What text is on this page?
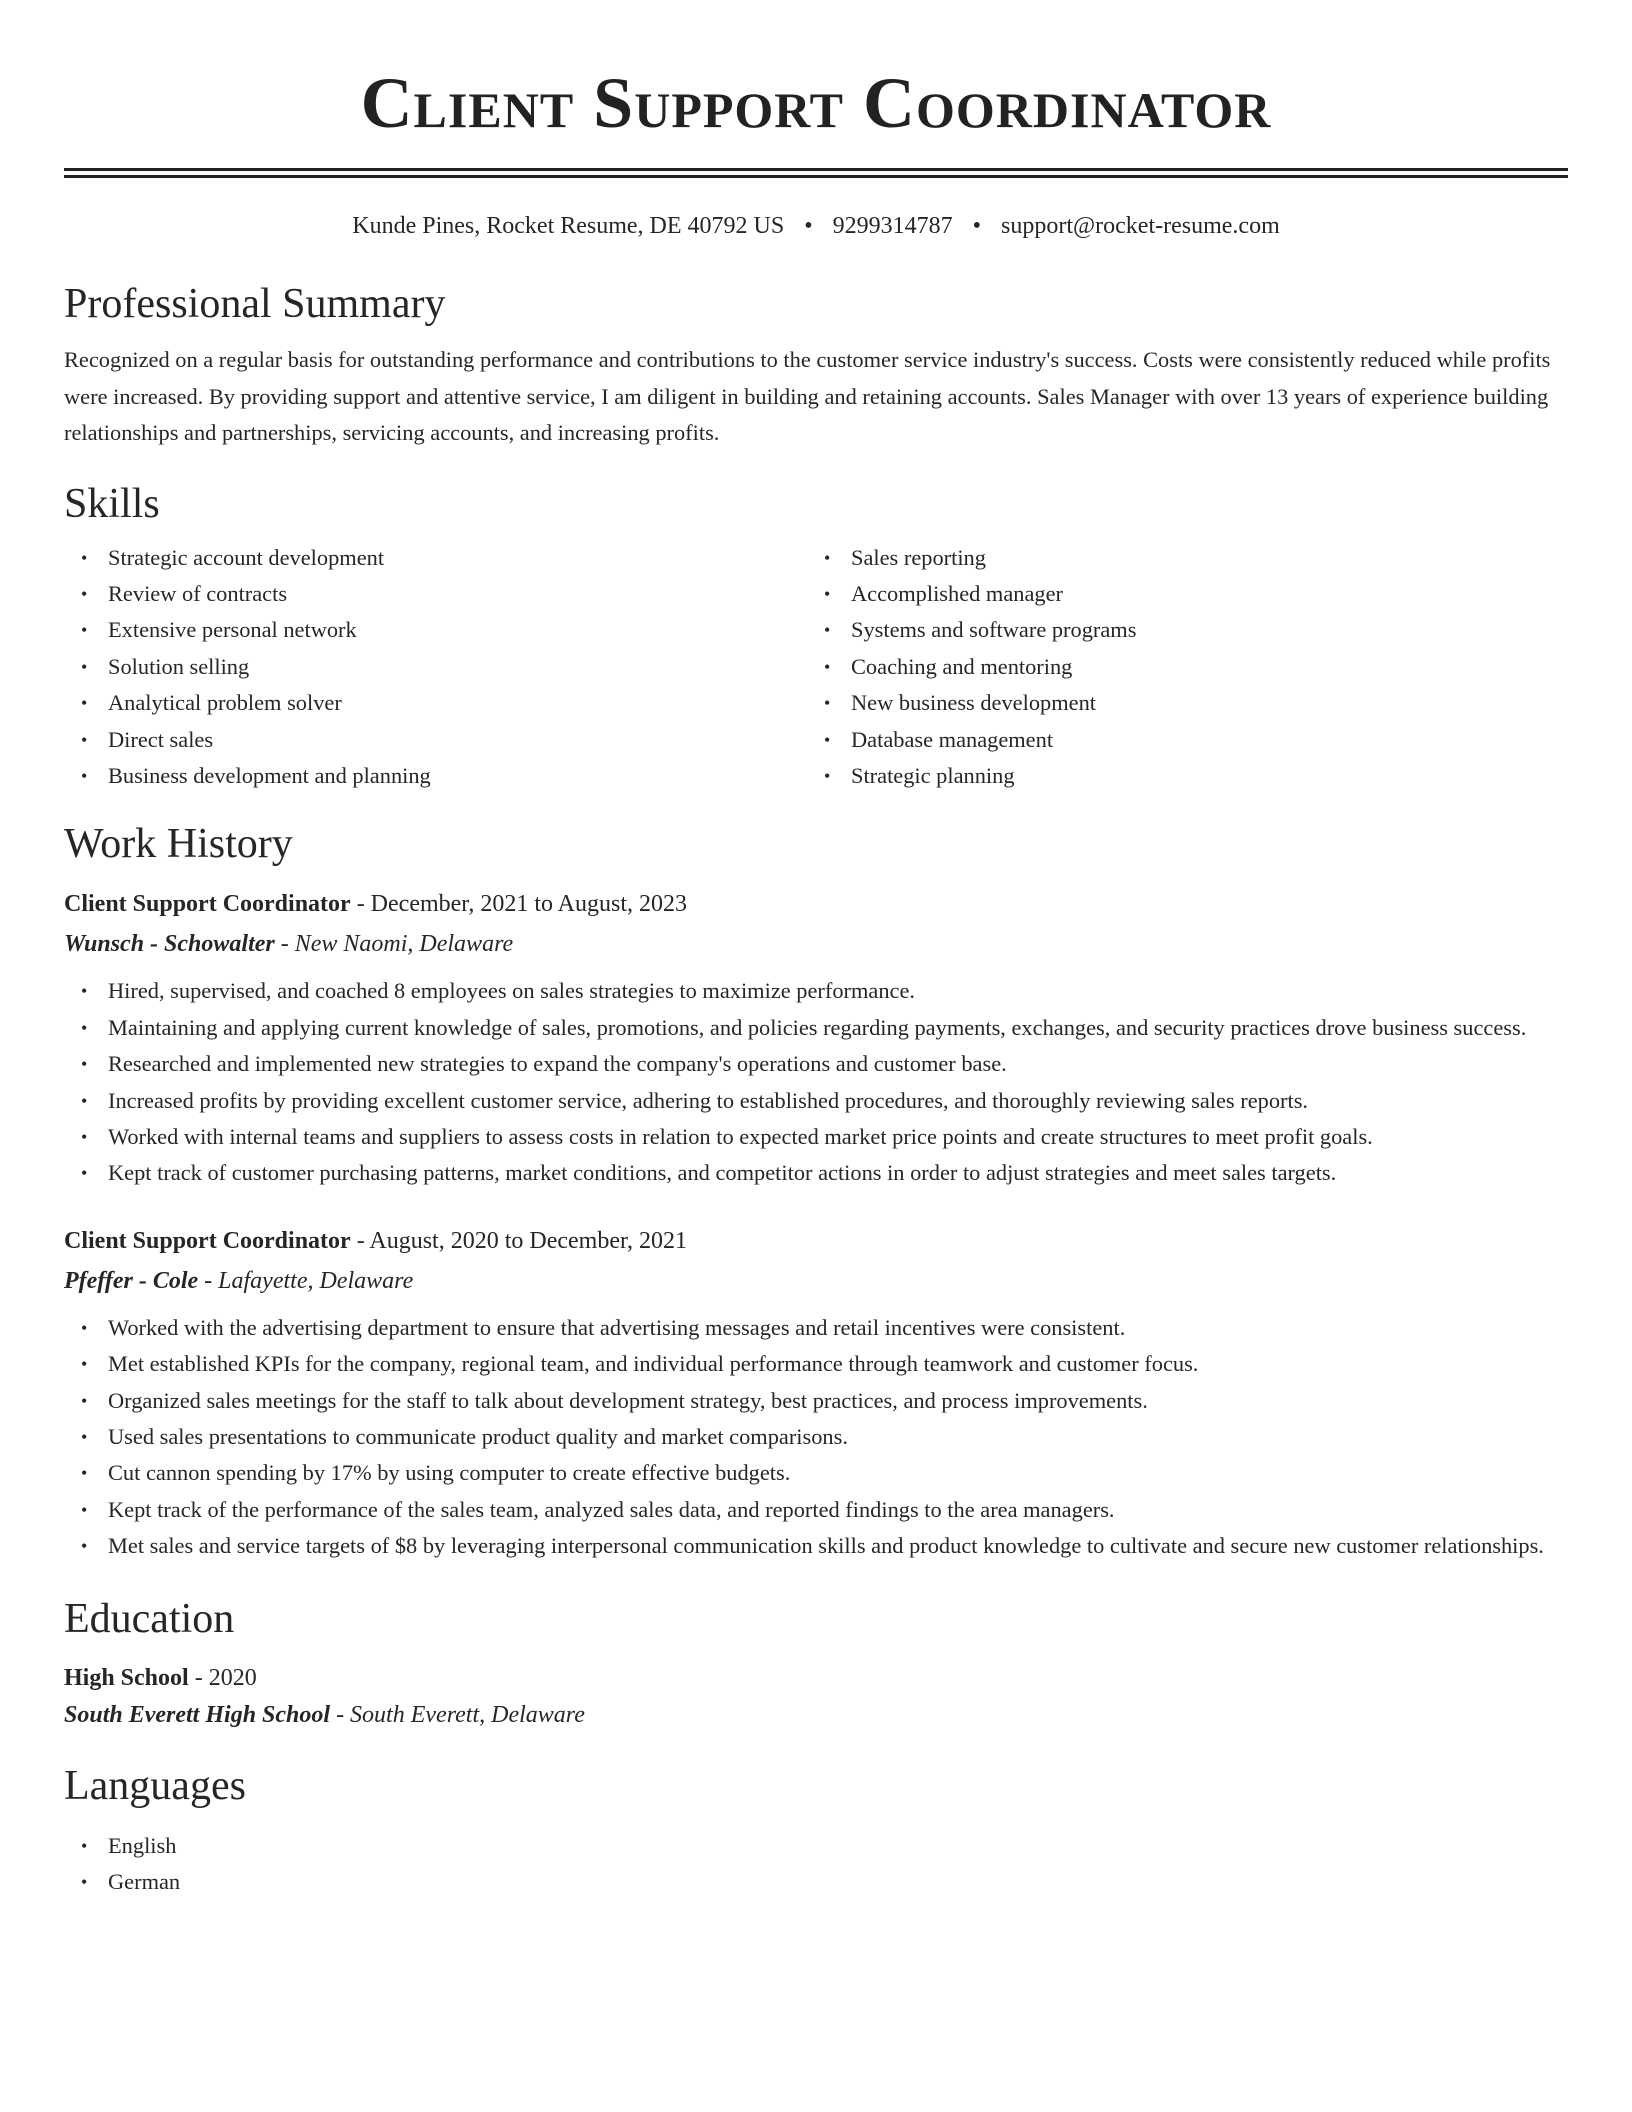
Client Support Coordinator
Kunde Pines, Rocket Resume, DE 40792 US • 9299314787 • support@rocket-resume.com
Professional Summary
Recognized on a regular basis for outstanding performance and contributions to the customer service industry's success. Costs were consistently reduced while profits were increased. By providing support and attentive service, I am diligent in building and retaining accounts. Sales Manager with over 13 years of experience building relationships and partnerships, servicing accounts, and increasing profits.
Skills
• Strategic account development
• Review of contracts
• Extensive personal network
• Solution selling
• Analytical problem solver
• Direct sales
• Business development and planning
• Sales reporting
• Accomplished manager
• Systems and software programs
• Coaching and mentoring
• New business development
• Database management
• Strategic planning
Work History
Client Support Coordinator - December, 2021 to August, 2023
Wunsch - Schowalter - New Naomi, Delaware
• Hired, supervised, and coached 8 employees on sales strategies to maximize performance.
• Maintaining and applying current knowledge of sales, promotions, and policies regarding payments, exchanges, and security practices drove business success.
• Researched and implemented new strategies to expand the company's operations and customer base.
• Increased profits by providing excellent customer service, adhering to established procedures, and thoroughly reviewing sales reports.
• Worked with internal teams and suppliers to assess costs in relation to expected market price points and create structures to meet profit goals.
• Kept track of customer purchasing patterns, market conditions, and competitor actions in order to adjust strategies and meet sales targets.
Client Support Coordinator - August, 2020 to December, 2021
Pfeffer - Cole - Lafayette, Delaware
• Worked with the advertising department to ensure that advertising messages and retail incentives were consistent.
• Met established KPIs for the company, regional team, and individual performance through teamwork and customer focus.
• Organized sales meetings for the staff to talk about development strategy, best practices, and process improvements.
• Used sales presentations to communicate product quality and market comparisons.
• Cut cannon spending by 17% by using computer to create effective budgets.
• Kept track of the performance of the sales team, analyzed sales data, and reported findings to the area managers.
• Met sales and service targets of $8 by leveraging interpersonal communication skills and product knowledge to cultivate and secure new customer relationships.
Education
High School - 2020
South Everett High School - South Everett, Delaware
Languages
• English
• German
